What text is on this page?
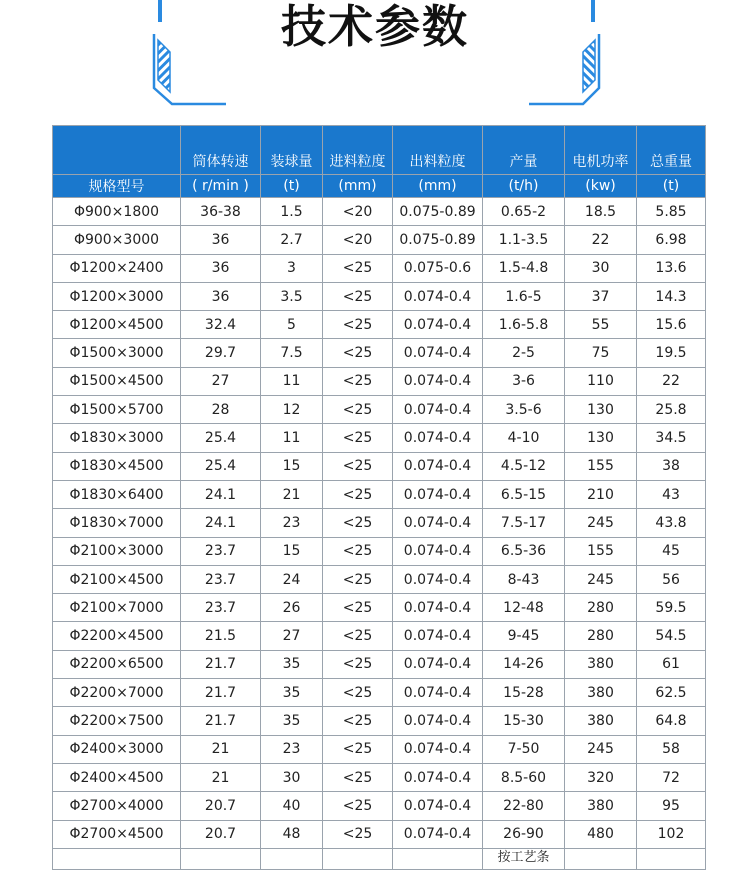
技术参数
	筒体转速	装球量	进料粒度	出料粒度	产量	电机功率	总重量
规格型号	( r/min )	(t)	(mm)	(mm)	(t/h)	(kw)	(t)
Φ900×1800	36-38	1.5	<20	0.075-0.89	0.65-2	18.5	5.85
Φ900×3000	36	2.7	<20	0.075-0.89	1.1-3.5	22	6.98
Φ1200×2400	36	3	<25	0.075-0.6	1.5-4.8	30	13.6
Φ1200×3000	36	3.5	<25	0.074-0.4	1.6-5	37	14.3
Φ1200×4500	32.4	5	<25	0.074-0.4	1.6-5.8	55	15.6
Φ1500×3000	29.7	7.5	<25	0.074-0.4	2-5	75	19.5
Φ1500×4500	27	11	<25	0.074-0.4	3-6	110	22
Φ1500×5700	28	12	<25	0.074-0.4	3.5-6	130	25.8
Φ1830×3000	25.4	11	<25	0.074-0.4	4-10	130	34.5
Φ1830×4500	25.4	15	<25	0.074-0.4	4.5-12	155	38
Φ1830×6400	24.1	21	<25	0.074-0.4	6.5-15	210	43
Φ1830×7000	24.1	23	<25	0.074-0.4	7.5-17	245	43.8
Φ2100×3000	23.7	15	<25	0.074-0.4	6.5-36	155	45
Φ2100×4500	23.7	24	<25	0.074-0.4	8-43	245	56
Φ2100×7000	23.7	26	<25	0.074-0.4	12-48	280	59.5
Φ2200×4500	21.5	27	<25	0.074-0.4	9-45	280	54.5
Φ2200×6500	21.7	35	<25	0.074-0.4	14-26	380	61
Φ2200×7000	21.7	35	<25	0.074-0.4	15-28	380	62.5
Φ2200×7500	21.7	35	<25	0.074-0.4	15-30	380	64.8
Φ2400×3000	21	23	<25	0.074-0.4	7-50	245	58
Φ2400×4500	21	30	<25	0.074-0.4	8.5-60	320	72
Φ2700×4000	20.7	40	<25	0.074-0.4	22-80	380	95
Φ2700×4500	20.7	48	<25	0.074-0.4	26-90	480	102
					按工艺条		
